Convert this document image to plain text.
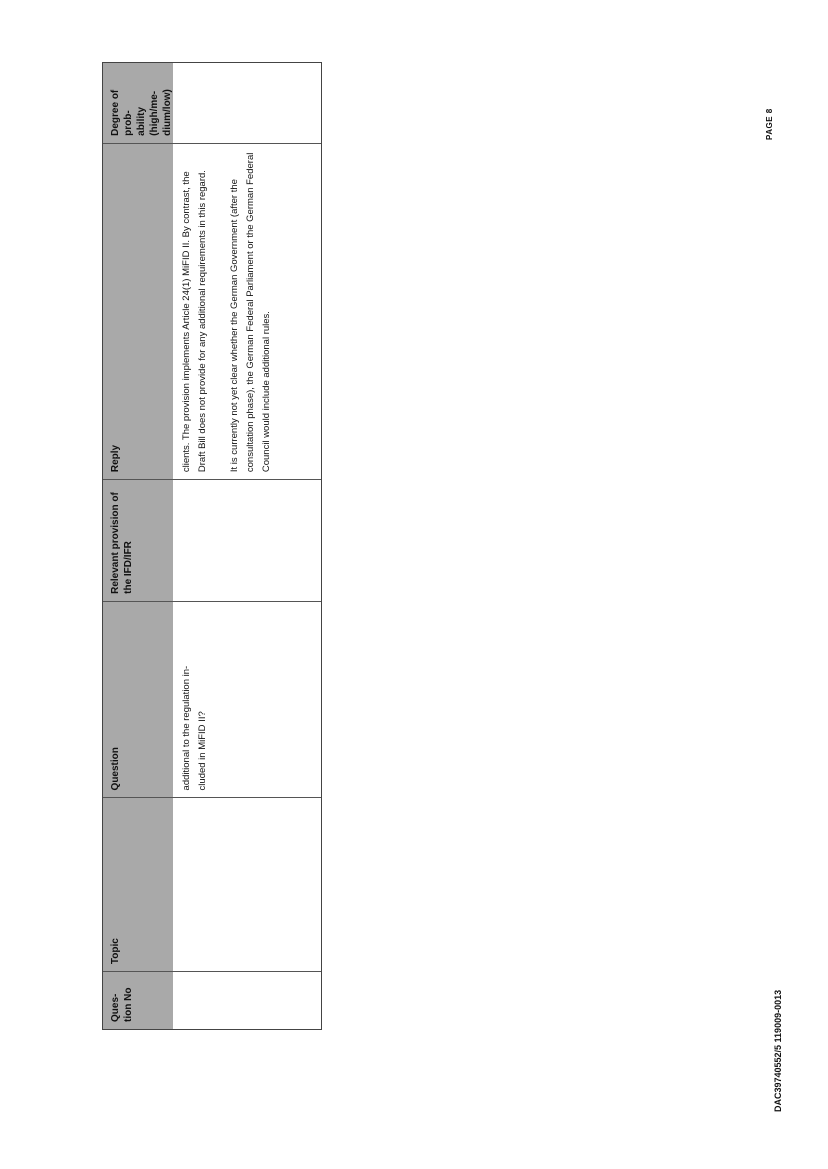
Ques-
tion No
Topic
Question
Relevant provision of the IFD/IFR
Reply
Degree of prob-
ability
(high/me-
dium/low)
additional to the regulation in-
cluded in MiFID II?

clients. The provision implements Article 24(1) MiFID II. By contrast, the Draft Bill does not provide for any additional requirements in this regard.	It is currently not yet clear whether the German Government (after the consultation phase), the German Federal Parliament or the German Federal Council would include additional rules.

PAGE 8
DAC39740552/5 119009-0013
